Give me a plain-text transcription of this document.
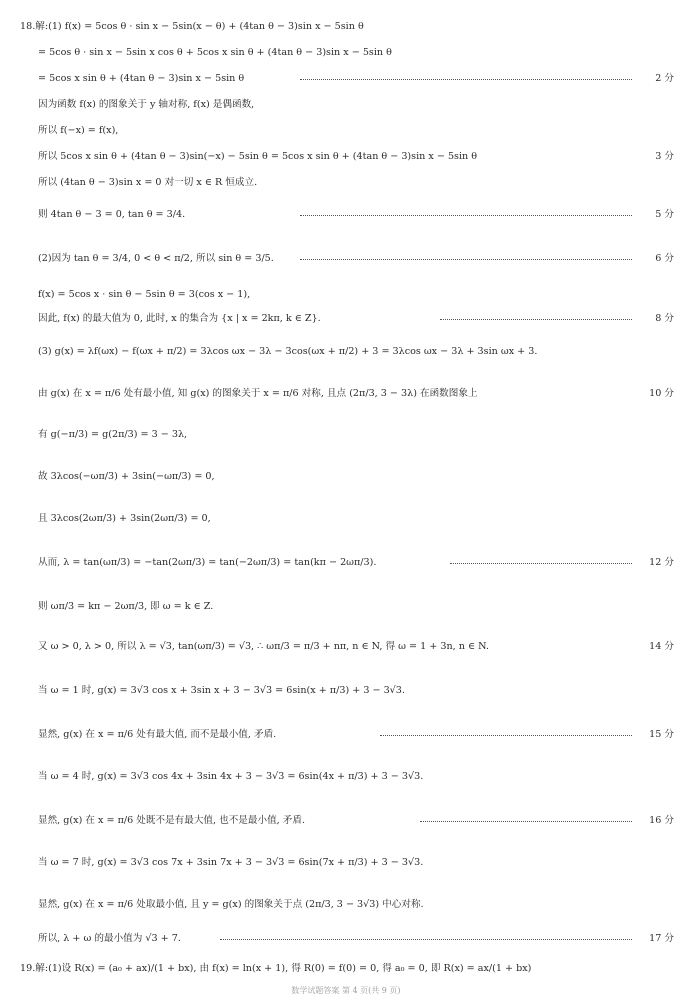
18.解:(1) f(x) = 5cos θ · sin x − 5sin(x − θ) + (4tan θ − 3)sin x − 5sin θ
= 5cos θ · sin x − 5sin x cos θ + 5cos x sin θ + (4tan θ − 3)sin x − 5sin θ
= 5cos x sin θ + (4tan θ − 3)sin x − 5sin θ	2 分
因为函数 f(x) 的图象关于 y 轴对称, f(x) 是偶函数,
所以 f(−x) = f(x),
所以 5cos x sin θ + (4tan θ − 3)sin(−x) − 5sin θ = 5cos x sin θ + (4tan θ − 3)sin x − 5sin θ	3 分
所以 (4tan θ − 3)sin x = 0 对一切 x ∈ R 恒成立.
则 4tan θ − 3 = 0, tan θ = 3/4.	5 分
(2)因为 tan θ = 3/4, 0 < θ < π/2, 所以 sin θ = 3/5.	6 分
f(x) = 5cos x · sin θ − 5sin θ = 3(cos x − 1),
因此, f(x) 的最大值为 0, 此时, x 的集合为 {x | x = 2kπ, k ∈ Z}.	8 分
(3) g(x) = λf(ωx) − f(ωx + π/2) = 3λcos ωx − 3λ − 3cos(ωx + π/2) + 3 = 3λcos ωx − 3λ + 3sin ωx + 3.
由 g(x) 在 x = π/6 处有最小值, 知 g(x) 的图象关于 x = π/6 对称, 且点 (2π/3, 3 − 3λ) 在函数图象上	10 分
有 g(−π/3) = g(2π/3) = 3 − 3λ,
故 3λcos(−ωπ/3) + 3sin(−ωπ/3) = 0,
且 3λcos(2ωπ/3) + 3sin(2ωπ/3) = 0,
从而, λ = tan(ωπ/3) = −tan(2ωπ/3) = tan(−2ωπ/3) = tan(kπ − 2ωπ/3).	12 分
则 ωπ/3 = kπ − 2ωπ/3, 即 ω = k ∈ Z.
又 ω > 0, λ > 0, 所以 λ = √3, tan(ωπ/3) = √3, ∴ ωπ/3 = π/3 + nπ, n ∈ N, 得 ω = 1 + 3n, n ∈ N.	14 分
当 ω = 1 时, g(x) = 3√3 cos x + 3sin x + 3 − 3√3 = 6sin(x + π/3) + 3 − 3√3.
显然, g(x) 在 x = π/6 处有最大值, 而不是最小值, 矛盾.	15 分
当 ω = 4 时, g(x) = 3√3 cos 4x + 3sin 4x + 3 − 3√3 = 6sin(4x + π/3) + 3 − 3√3.
显然, g(x) 在 x = π/6 处既不是有最大值, 也不是最小值, 矛盾.	16 分
当 ω = 7 时, g(x) = 3√3 cos 7x + 3sin 7x + 3 − 3√3 = 6sin(7x + π/3) + 3 − 3√3.
显然, g(x) 在 x = π/6 处取最小值, 且 y = g(x) 的图象关于点 (2π/3, 3 − 3√3) 中心对称.
所以, λ + ω 的最小值为 √3 + 7.	17 分
19.解:(1)设 R(x) = (a₀ + ax)/(1 + bx), 由 f(x) = ln(x + 1), 得 R(0) = f(0) = 0, 得 a₀ = 0, 即 R(x) = ax/(1 + bx)
数学试题答案 第 4 页(共 9 页)
